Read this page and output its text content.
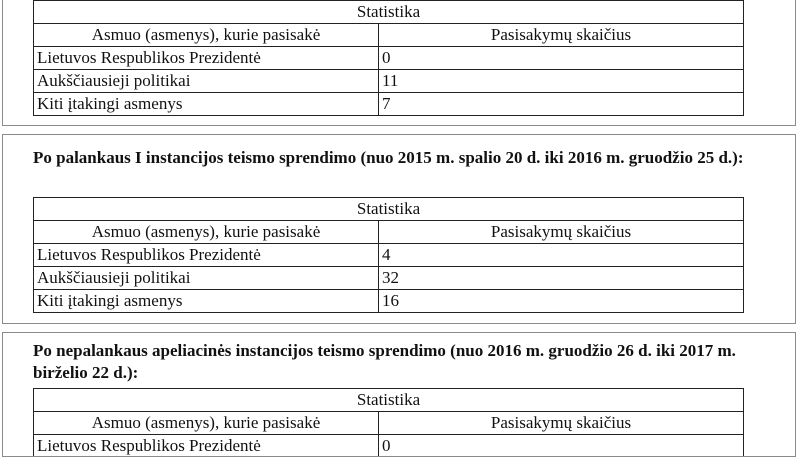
Statistika	
Asmuo (asmenys), kurie pasisakė	Pasisakymų skaičius
Lietuvos Respublikos Prezidentė	0
Aukščiausieji politikai	11
Kiti įtakingi asmenys	7

Po palankaus I instancijos teismo sprendimo (nuo 2015 m. spalio 20 d. iki 2016 m. gruodžio 25 d.):

Statistika	
Asmuo (asmenys), kurie pasisakė	Pasisakymų skaičius
Lietuvos Respublikos Prezidentė	4
Aukščiausieji politikai	32
Kiti įtakingi asmenys	16

Po nepalankaus apeliacinės instancijos teismo sprendimo (nuo 2016 m. gruodžio 26 d. iki 2017 m. birželio 22 d.):

Statistika	
Asmuo (asmenys), kurie pasisakė	Pasisakymų skaičius
Lietuvos Respublikos Prezidentė	0
